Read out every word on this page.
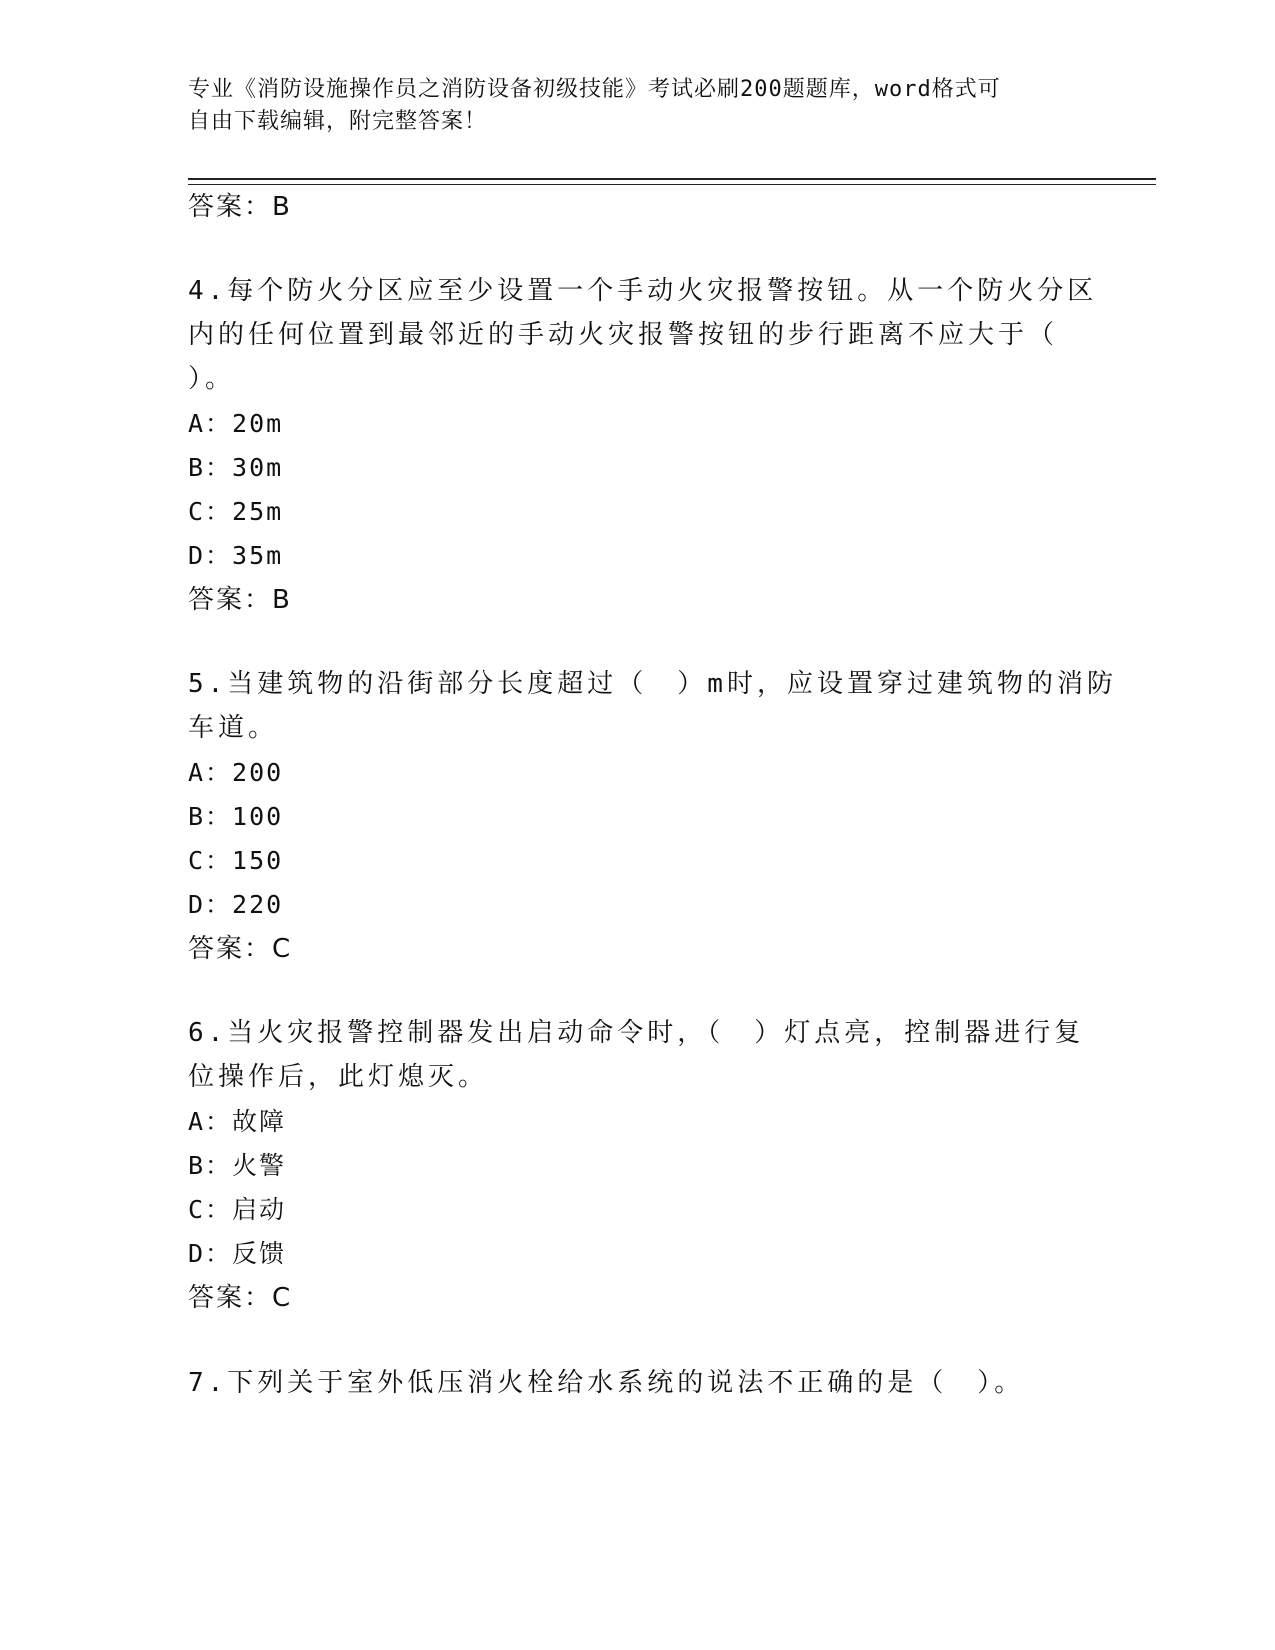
专业《消防设施操作员之消防设备初级技能》考试必刷200题题库，word格式可
自由下载编辑，附完整答案！
答案：B
4.每个防火分区应至少设置一个手动火灾报警按钮。从一个防火分区
内的任何位置到最邻近的手动火灾报警按钮的步行距离不应大于（
）。
A：20m
B：30m
C：25m
D：35m
答案：B
5.当建筑物的沿街部分长度超过（　）m时，应设置穿过建筑物的消防
车道。
A：200
B：100
C：150
D：220
答案：C
6.当火灾报警控制器发出启动命令时，（　）灯点亮，控制器进行复
位操作后，此灯熄灭。
A：故障
B：火警
C：启动
D：反馈
答案：C
7.下列关于室外低压消火栓给水系统的说法不正确的是（　）。
